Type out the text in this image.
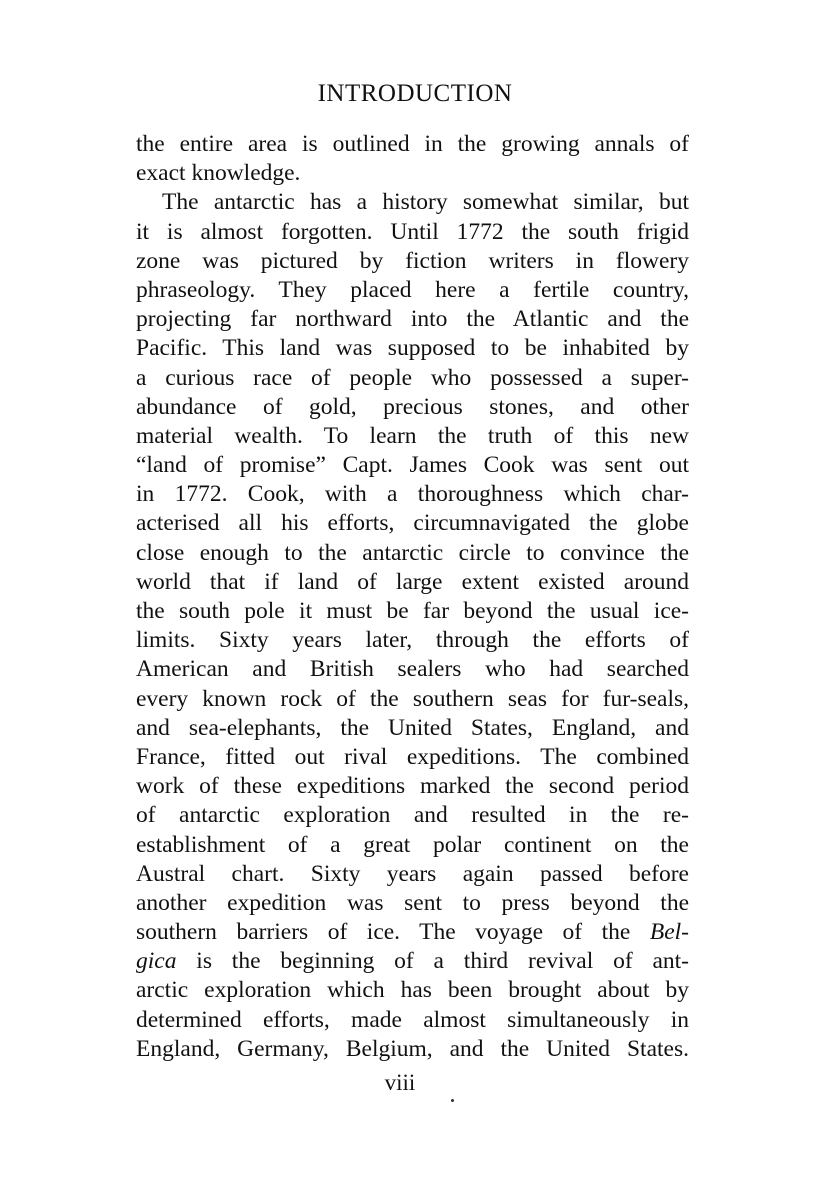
INTRODUCTION
the entire area is outlined in the growing annals of
exact knowledge.
The antarctic has a history somewhat similar, but
it is almost forgotten. Until 1772 the south frigid
zone was pictured by fiction writers in flowery
phraseology. They placed here a fertile country,
projecting far northward into the Atlantic and the
Pacific. This land was supposed to be inhabited by
a curious race of people who possessed a super-
abundance of gold, precious stones, and other
material wealth. To learn the truth of this new
“land of promise” Capt. James Cook was sent out
in 1772. Cook, with a thoroughness which char-
acterised all his efforts, circumnavigated the globe
close enough to the antarctic circle to convince the
world that if land of large extent existed around
the south pole it must be far beyond the usual ice-
limits. Sixty years later, through the efforts of
American and British sealers who had searched
every known rock of the southern seas for fur-seals,
and sea-elephants, the United States, England, and
France, fitted out rival expeditions. The combined
work of these expeditions marked the second period
of antarctic exploration and resulted in the re-
establishment of a great polar continent on the
Austral chart. Sixty years again passed before
another expedition was sent to press beyond the
southern barriers of ice. The voyage of the Bel-
gica is the beginning of a third revival of ant-
arctic exploration which has been brought about by
determined efforts, made almost simultaneously in
England, Germany, Belgium, and the United States.
viii
